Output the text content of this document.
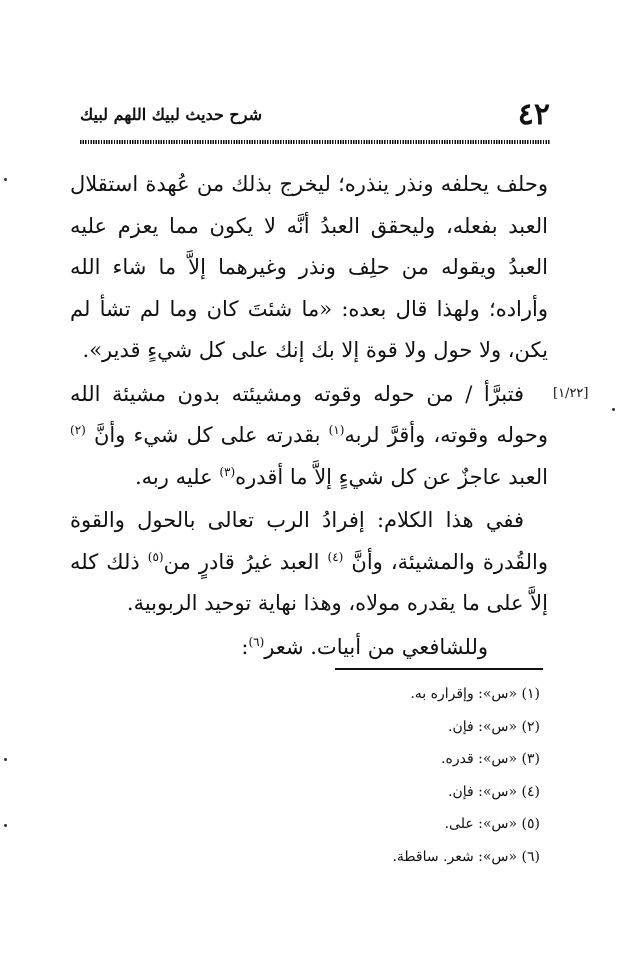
٤٢
شرح حديث لبيك اللهم لبيك
[١/٢٢]

وحلف يحلفه ونذر ينذره؛ ليخرج بذلك من عُهدة استقلال العبد بفعله، وليحقق العبدُ أنَّه لا يكون مما يعزم عليه العبدُ ويقوله من حلِف ونذر وغيرهما إلاَّ ما شاء الله وأراده؛ ولهذا قال بعده: «ما شئتَ كان وما لم تشأ لم يكن، ولا حول ولا قوة إلا بك إنك على كل شيءٍ قدير».

فتبرَّأ / من حوله وقوته ومشيئته بدون مشيئة الله وحوله وقوته، وأقرَّ لربه$^{(١)}$ بقدرته على كل شيء وأنَّ $^{(٢)}$ العبد عاجزٌ عن كل شيءٍ إلاَّ ما أقدره$^{(٣)}$ عليه ربه.

ففي هذا الكلام: إفرادُ الرب تعالى بالحول والقوة والقُدرة والمشيئة، وأنَّ $^{(٤)}$ العبد غيرُ قادرٍ من$^{(٥)}$ ذلك كله إلاَّ على ما يقدره مولاه، وهذا نهاية توحيد الربوبية.

وللشافعي من أبيات. شعر$^{(٦)}$:

(١) «س»: وإقراره به.
(٢) «س»: فإن.
(٣) «س»: قدره.
(٤) «س»: فإن.
(٥) «س»: على.
(٦) «س»: شعر. ساقطة.
